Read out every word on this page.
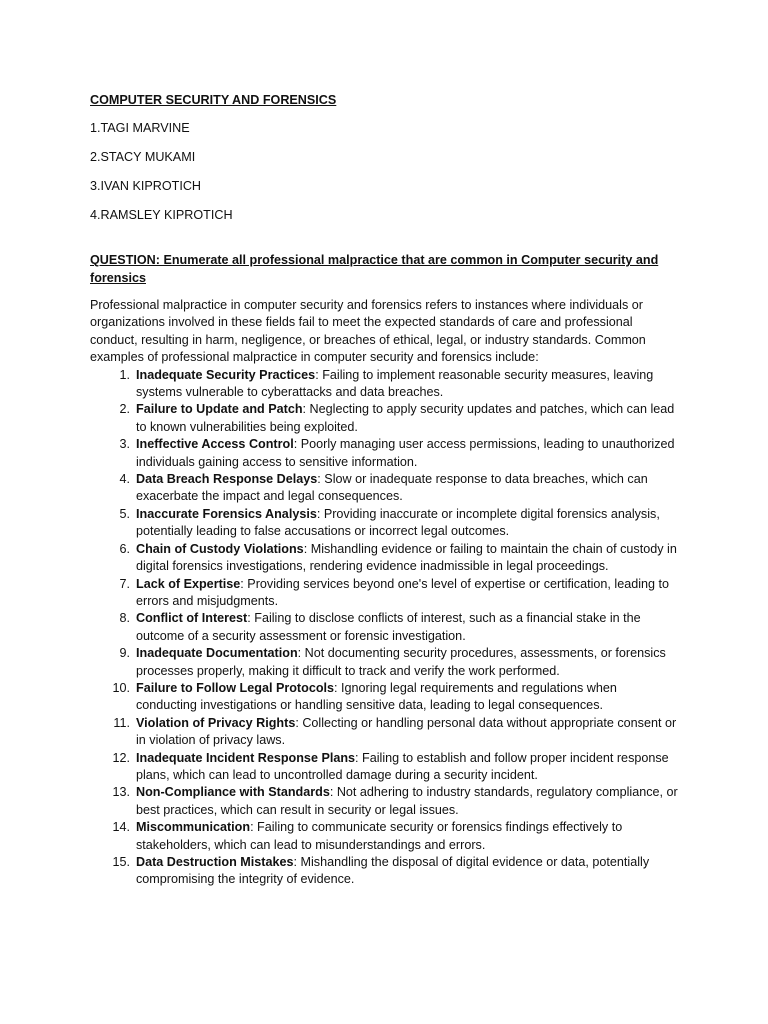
COMPUTER SECURITY AND FORENSICS

1.TAGI MARVINE

2.STACY MUKAMI

3.IVAN KIPROTICH

4.RAMSLEY KIPROTICH

QUESTION: Enumerate all professional malpractice that are common in Computer security and forensics

Professional malpractice in computer security and forensics refers to instances where individuals or organizations involved in these fields fail to meet the expected standards of care and professional conduct, resulting in harm, negligence, or breaches of ethical, legal, or industry standards. Common examples of professional malpractice in computer security and forensics include:

1. Inadequate Security Practices: Failing to implement reasonable security measures, leaving systems vulnerable to cyberattacks and data breaches.
2. Failure to Update and Patch: Neglecting to apply security updates and patches, which can lead to known vulnerabilities being exploited.
3. Ineffective Access Control: Poorly managing user access permissions, leading to unauthorized individuals gaining access to sensitive information.
4. Data Breach Response Delays: Slow or inadequate response to data breaches, which can exacerbate the impact and legal consequences.
5. Inaccurate Forensics Analysis: Providing inaccurate or incomplete digital forensics analysis, potentially leading to false accusations or incorrect legal outcomes.
6. Chain of Custody Violations: Mishandling evidence or failing to maintain the chain of custody in digital forensics investigations, rendering evidence inadmissible in legal proceedings.
7. Lack of Expertise: Providing services beyond one's level of expertise or certification, leading to errors and misjudgments.
8. Conflict of Interest: Failing to disclose conflicts of interest, such as a financial stake in the outcome of a security assessment or forensic investigation.
9. Inadequate Documentation: Not documenting security procedures, assessments, or forensics processes properly, making it difficult to track and verify the work performed.
10. Failure to Follow Legal Protocols: Ignoring legal requirements and regulations when conducting investigations or handling sensitive data, leading to legal consequences.
11. Violation of Privacy Rights: Collecting or handling personal data without appropriate consent or in violation of privacy laws.
12. Inadequate Incident Response Plans: Failing to establish and follow proper incident response plans, which can lead to uncontrolled damage during a security incident.
13. Non-Compliance with Standards: Not adhering to industry standards, regulatory compliance, or best practices, which can result in security or legal issues.
14. Miscommunication: Failing to communicate security or forensics findings effectively to stakeholders, which can lead to misunderstandings and errors.
15. Data Destruction Mistakes: Mishandling the disposal of digital evidence or data, potentially compromising the integrity of evidence.
